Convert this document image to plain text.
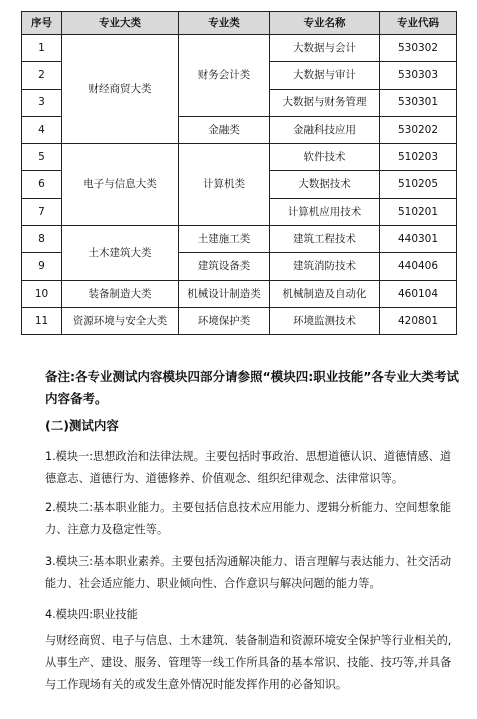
序号	专业大类	专业类	专业名称	专业代码
1	财经商贸大类	财务会计类	大数据与会计	530302
2			大数据与审计	530303
3			大数据与财务管理	530301
4		金融类	金融科技应用	530202
5	电子与信息大类	计算机类	软件技术	510203
6			大数据技术	510205
7			计算机应用技术	510201
8	土木建筑大类	土建施工类	建筑工程技术	440301
9		建筑设备类	建筑消防技术	440406
10	装备制造大类	机械设计制造类	机械制造及自动化	460104
11	资源环境与安全大类	环境保护类	环境监测技术	420801
备注:各专业测试内容模块四部分请参照“模块四:职业技能”各专业大类考试内容备考。
(二)测试内容
1.模块一:思想政治和法律法规。主要包括时事政治、思想道德认识、道德情感、道德意志、道德行为、道德修养、价值观念、组织纪律观念、法律常识等。
2.模块二:基本职业能力。主要包括信息技术应用能力、逻辑分析能力、空间想象能力、注意力及稳定性等。
3.模块三:基本职业素养。主要包括沟通解决能力、语言理解与表达能力、社交活动能力、社会适应能力、职业倾向性、合作意识与解决问题的能力等。
4.模块四:职业技能
与财经商贸、电子与信息、土木建筑、装备制造和资源环境安全保护等行业相关的,从事生产、建设、服务、管理等一线工作所具备的基本常识、技能、技巧等,并具备与工作现场有关的或发生意外情况时能发挥作用的必备知识。
